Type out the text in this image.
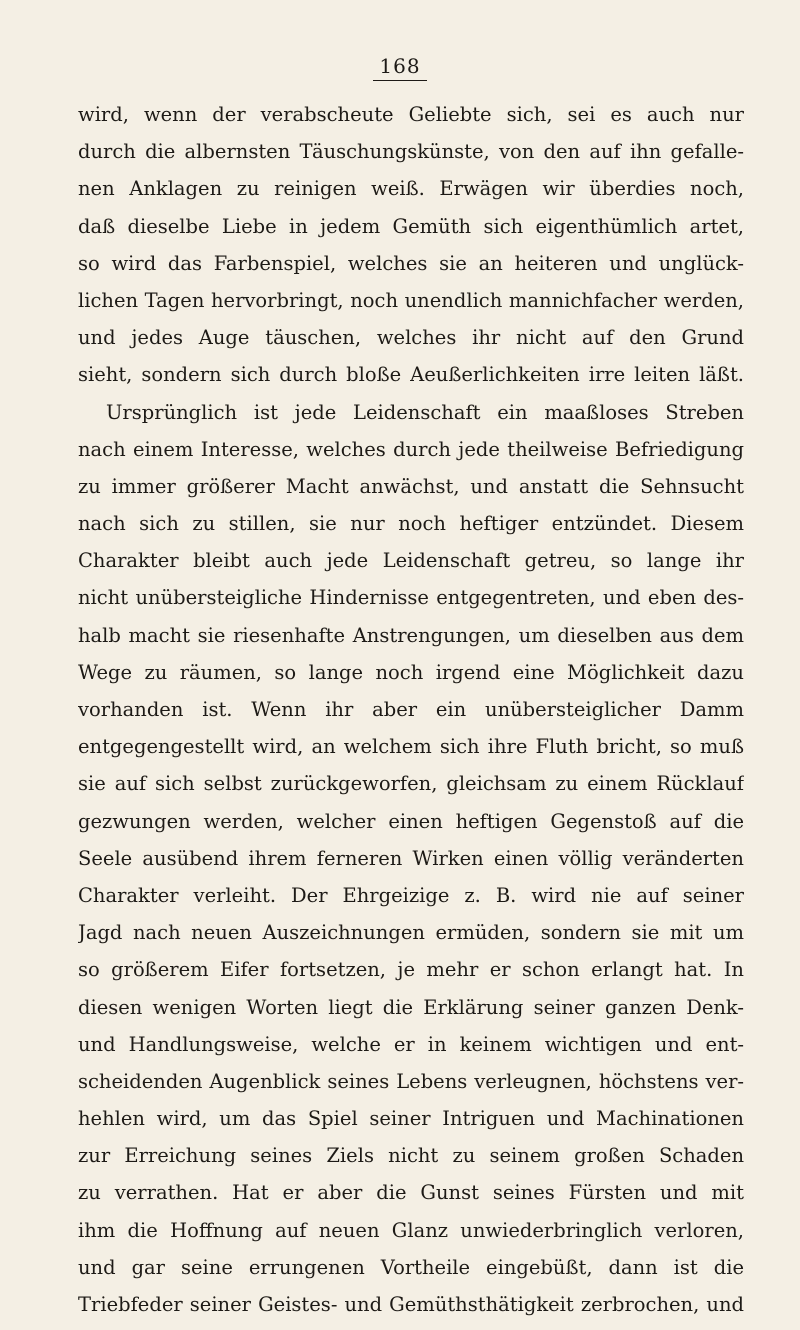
168
wird, wenn der verabscheute Geliebte sich, sei es auch nur
durch die albernsten Täuschungskünste, von den auf ihn gefalle-
nen Anklagen zu reinigen weiß. Erwägen wir überdies noch,
daß dieselbe Liebe in jedem Gemüth sich eigenthümlich artet,
so wird das Farbenspiel, welches sie an heiteren und unglück-
lichen Tagen hervorbringt, noch unendlich mannichfacher werden,
und jedes Auge täuschen, welches ihr nicht auf den Grund
sieht, sondern sich durch bloße Aeußerlichkeiten irre leiten läßt.
Ursprünglich ist jede Leidenschaft ein maaßloses Streben
nach einem Interesse, welches durch jede theilweise Befriedigung
zu immer größerer Macht anwächst, und anstatt die Sehnsucht
nach sich zu stillen, sie nur noch heftiger entzündet. Diesem
Charakter bleibt auch jede Leidenschaft getreu, so lange ihr
nicht unübersteigliche Hindernisse entgegentreten, und eben des-
halb macht sie riesenhafte Anstrengungen, um dieselben aus dem
Wege zu räumen, so lange noch irgend eine Möglichkeit dazu
vorhanden ist. Wenn ihr aber ein unübersteiglicher Damm
entgegengestellt wird, an welchem sich ihre Fluth bricht, so muß
sie auf sich selbst zurückgeworfen, gleichsam zu einem Rücklauf
gezwungen werden, welcher einen heftigen Gegenstoß auf die
Seele ausübend ihrem ferneren Wirken einen völlig veränderten
Charakter verleiht. Der Ehrgeizige z. B. wird nie auf seiner
Jagd nach neuen Auszeichnungen ermüden, sondern sie mit um
so größerem Eifer fortsetzen, je mehr er schon erlangt hat. In
diesen wenigen Worten liegt die Erklärung seiner ganzen Denk-
und Handlungsweise, welche er in keinem wichtigen und ent-
scheidenden Augenblick seines Lebens verleugnen, höchstens ver-
hehlen wird, um das Spiel seiner Intriguen und Machinationen
zur Erreichung seines Ziels nicht zu seinem großen Schaden
zu verrathen. Hat er aber die Gunst seines Fürsten und mit
ihm die Hoffnung auf neuen Glanz unwiederbringlich verloren,
und gar seine errungenen Vortheile eingebüßt, dann ist die
Triebfeder seiner Geistes- und Gemüthsthätigkeit zerbrochen, und
